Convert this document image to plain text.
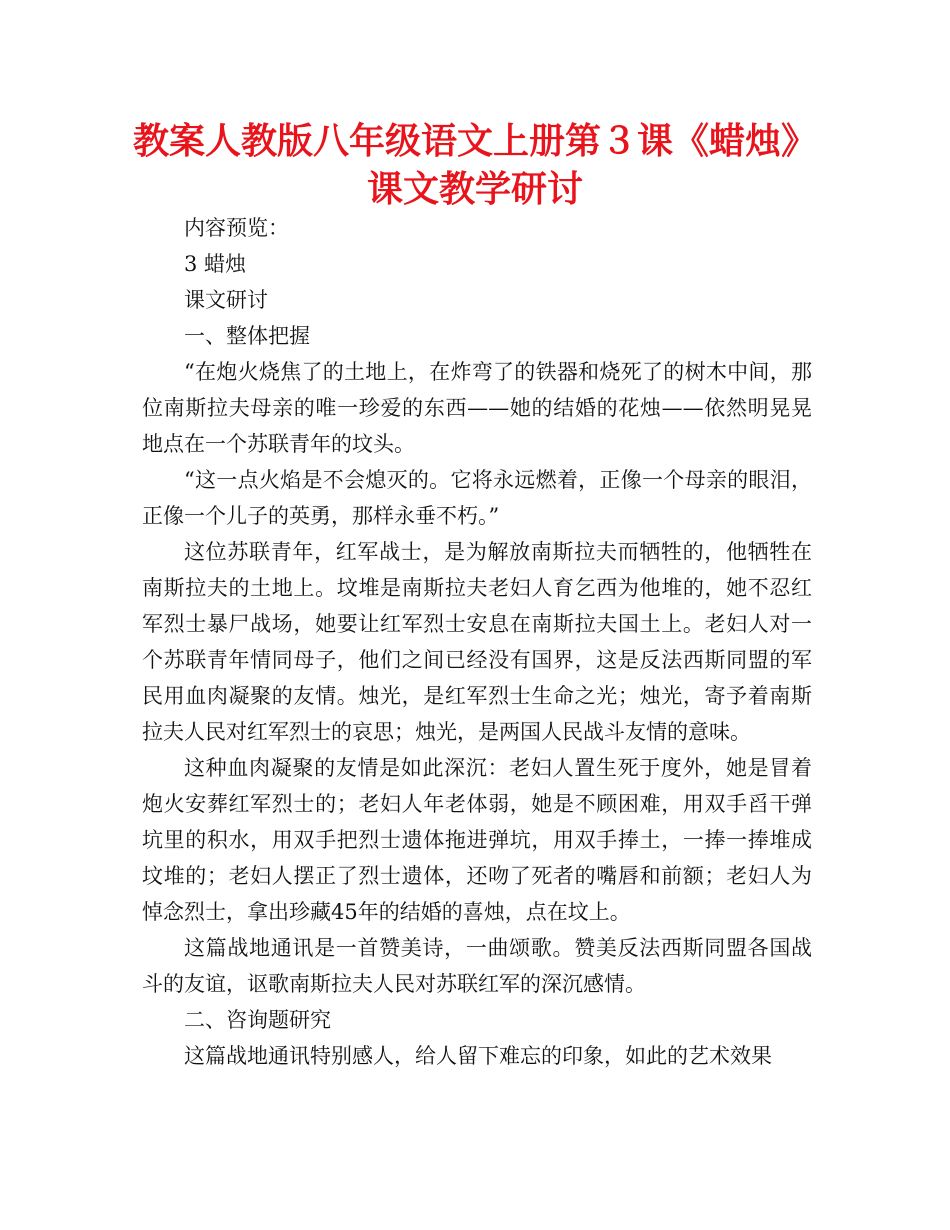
教案人教版八年级语文上册第３课《蜡烛》课文教学研讨

内容预览：

3 蜡烛

课文研讨

一、整体把握

“在炮火烧焦了的土地上，在炸弯了的铁器和烧死了的树木中间，那位南斯拉夫母亲的唯一珍爱的东西——她的结婚的花烛——依然明晃晃地点在一个苏联青年的坟头。

“这一点火焰是不会熄灭的。它将永远燃着，正像一个母亲的眼泪，正像一个儿子的英勇，那样永垂不朽。”

这位苏联青年，红军战士，是为解放南斯拉夫而牺牲的，他牺牲在南斯拉夫的土地上。坟堆是南斯拉夫老妇人育乞西为他堆的，她不忍红军烈士暴尸战场，她要让红军烈士安息在南斯拉夫国土上。老妇人对一个苏联青年情同母子，他们之间已经没有国界，这是反法西斯同盟的军民用血肉凝聚的友情。烛光，是红军烈士生命之光；烛光，寄予着南斯拉夫人民对红军烈士的哀思；烛光，是两国人民战斗友情的意味。

这种血肉凝聚的友情是如此深沉：老妇人置生死于度外，她是冒着炮火安葬红军烈士的；老妇人年老体弱，她是不顾困难，用双手舀干弹坑里的积水，用双手把烈士遗体拖进弹坑，用双手捧土，一捧一捧堆成坟堆的；老妇人摆正了烈士遗体，还吻了死者的嘴唇和前额；老妇人为悼念烈士，拿出珍藏45年的结婚的喜烛，点在坟上。

这篇战地通讯是一首赞美诗，一曲颂歌。赞美反法西斯同盟各国战斗的友谊，讴歌南斯拉夫人民对苏联红军的深沉感情。

二、咨询题研究

这篇战地通讯特别感人，给人留下难忘的印象，如此的艺术效果
